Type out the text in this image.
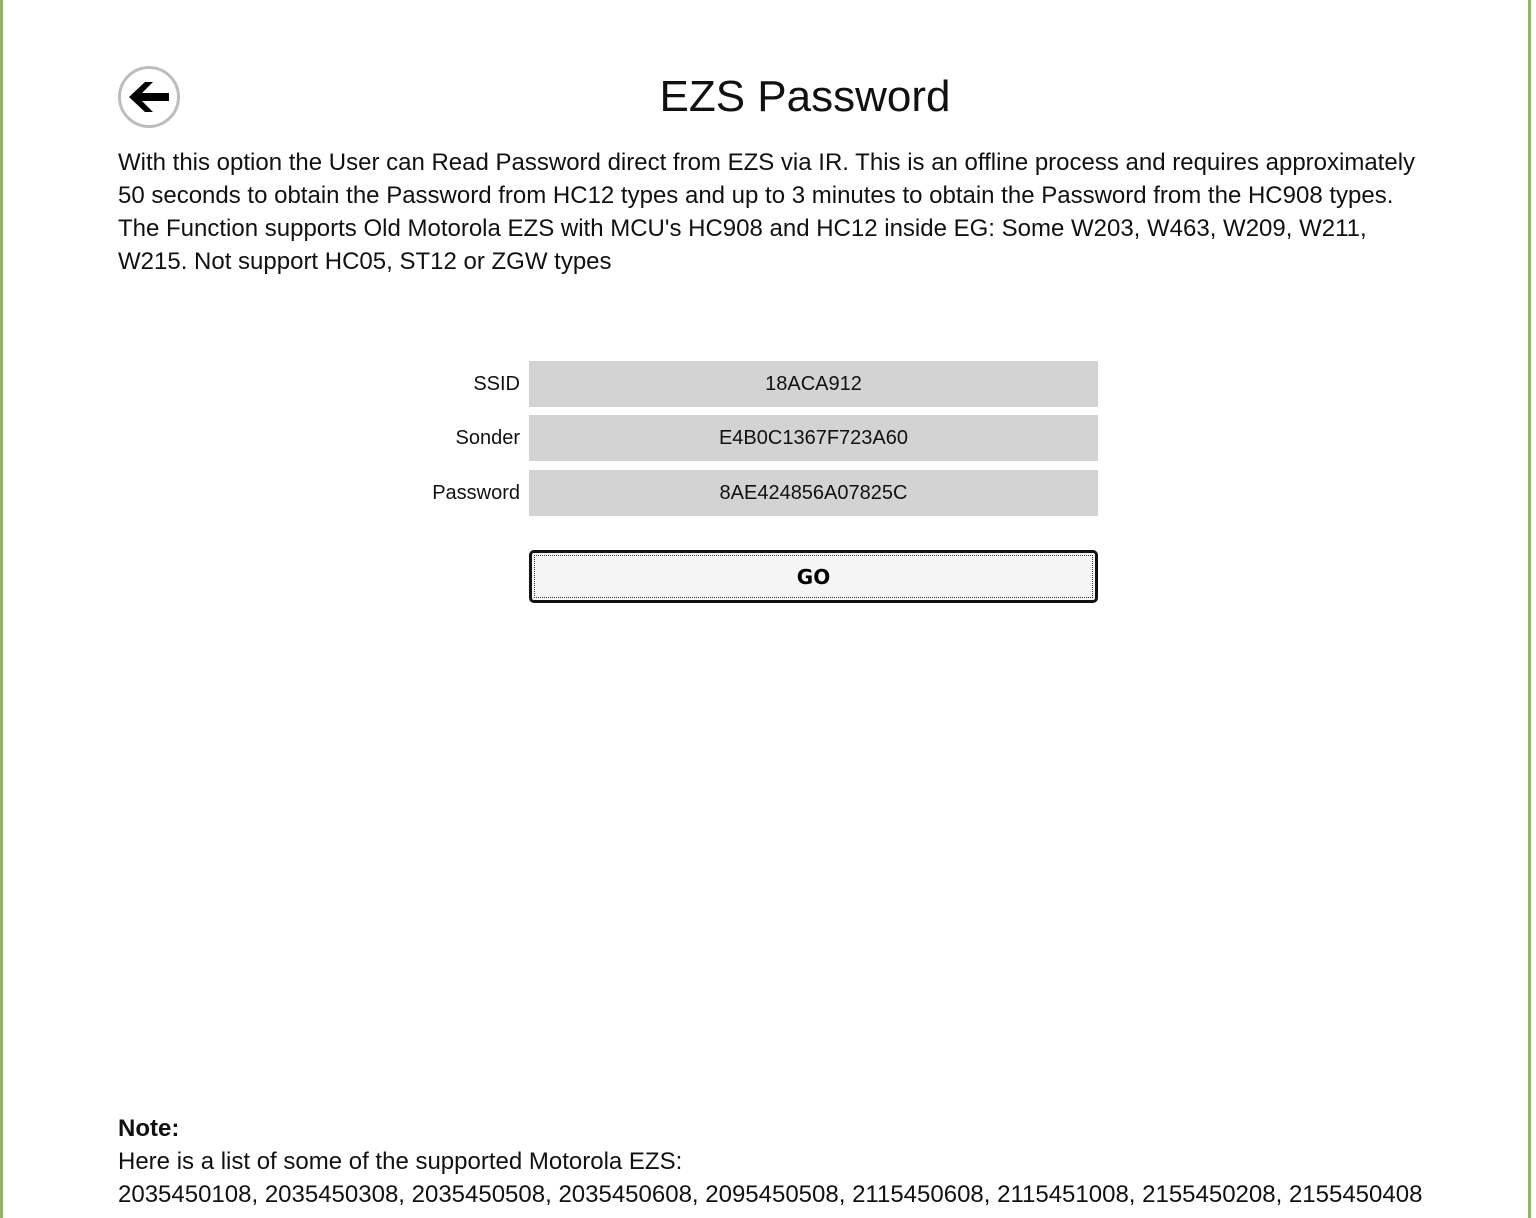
EZS Password
With this option the User can Read Password direct from EZS via IR. This is an offline process and requires approximately 50 seconds to obtain the Password from HC12 types and up to 3 minutes to obtain the Password from the HC908 types. The Function supports Old Motorola EZS with MCU's HC908 and HC12 inside EG: Some W203, W463, W209, W211, W215. Not support HC05, ST12 or ZGW types
SSID	18ACA912
Sonder	E4B0C1367F723A60
Password	8AE424856A07825C
GO
Note:
Here is a list of some of the supported Motorola EZS:
2035450108, 2035450308, 2035450508, 2035450608, 2095450508, 2115450608, 2115451008, 2155450208, 2155450408
